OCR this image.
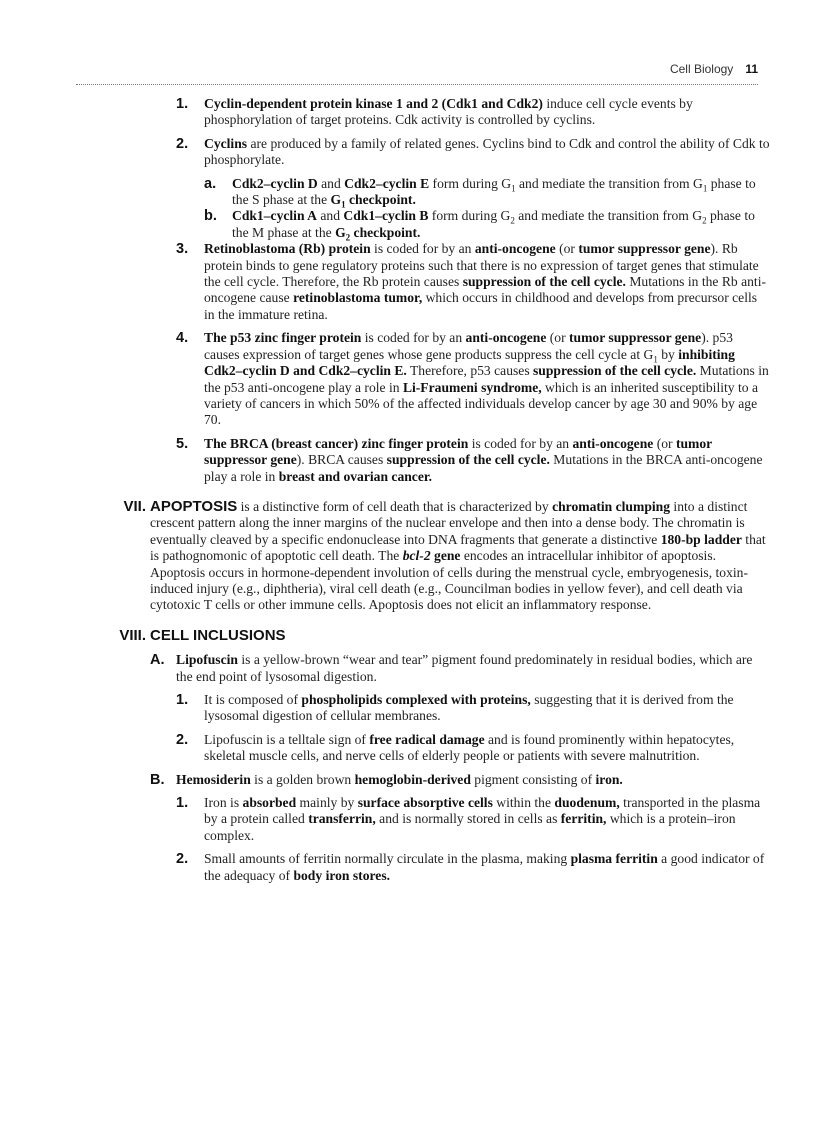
Cell Biology 11
1. Cyclin-dependent protein kinase 1 and 2 (Cdk1 and Cdk2) induce cell cycle events by phosphorylation of target proteins. Cdk activity is controlled by cyclins.
2. Cyclins are produced by a family of related genes. Cyclins bind to Cdk and control the ability of Cdk to phosphorylate.
a. Cdk2–cyclin D and Cdk2–cyclin E form during $G_1$ and mediate the transition from $G_1$ phase to the S phase at the $G_1$ checkpoint.
b. Cdk1–cyclin A and Cdk1–cyclin B form during $G_2$ and mediate the transition from $G_2$ phase to the M phase at the $G_2$ checkpoint.
3. Retinoblastoma (Rb) protein is coded for by an anti-oncogene (or tumor suppressor gene). Rb protein binds to gene regulatory proteins such that there is no expression of target genes that stimulate the cell cycle. Therefore, the Rb protein causes suppression of the cell cycle. Mutations in the Rb anti-oncogene cause retinoblastoma tumor, which occurs in childhood and develops from precursor cells in the immature retina.
4. The p53 zinc finger protein is coded for by an anti-oncogene (or tumor suppressor gene). p53 causes expression of target genes whose gene products suppress the cell cycle at $G_1$ by inhibiting Cdk2–cyclin D and Cdk2–cyclin E. Therefore, p53 causes suppression of the cell cycle. Mutations in the p53 anti-oncogene play a role in Li-Fraumeni syndrome, which is an inherited susceptibility to a variety of cancers in which 50% of the affected individuals develop cancer by age 30 and 90% by age 70.
5. The BRCA (breast cancer) zinc finger protein is coded for by an anti-oncogene (or tumor suppressor gene). BRCA causes suppression of the cell cycle. Mutations in the BRCA anti-oncogene play a role in breast and ovarian cancer.
VII. APOPTOSIS is a distinctive form of cell death that is characterized by chromatin clumping into a distinct crescent pattern along the inner margins of the nuclear envelope and then into a dense body. The chromatin is eventually cleaved by a specific endonuclease into DNA fragments that generate a distinctive 180-bp ladder that is pathognomonic of apoptotic cell death. The bcl-2 gene encodes an intracellular inhibitor of apoptosis. Apoptosis occurs in hormone-dependent involution of cells during the menstrual cycle, embryogenesis, toxin-induced injury (e.g., diphtheria), viral cell death (e.g., Councilman bodies in yellow fever), and cell death via cytotoxic T cells or other immune cells. Apoptosis does not elicit an inflammatory response.
VIII. CELL INCLUSIONS
A. Lipofuscin is a yellow-brown “wear and tear” pigment found predominately in residual bodies, which are the end point of lysosomal digestion.
1. It is composed of phospholipids complexed with proteins, suggesting that it is derived from the lysosomal digestion of cellular membranes.
2. Lipofuscin is a telltale sign of free radical damage and is found prominently within hepatocytes, skeletal muscle cells, and nerve cells of elderly people or patients with severe malnutrition.
B. Hemosiderin is a golden brown hemoglobin-derived pigment consisting of iron.
1. Iron is absorbed mainly by surface absorptive cells within the duodenum, transported in the plasma by a protein called transferrin, and is normally stored in cells as ferritin, which is a protein–iron complex.
2. Small amounts of ferritin normally circulate in the plasma, making plasma ferritin a good indicator of the adequacy of body iron stores.
